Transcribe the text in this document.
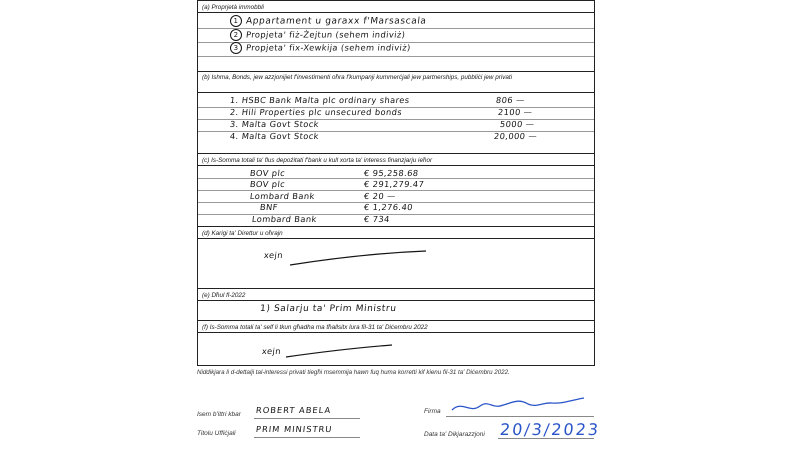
(a) Proprjetà immobbli
1 Appartament u garaxx f'Marsascala
2 Propjeta' fiż-Żejtun (sehem indiviż)
3 Propjeta' fix-Xewkija (sehem indiviż)
(b) Ishma, Bonds, jew azzjonijiet f'investimenti oħra f'kumpanji kummerċjali jew partnerships, pubbliċi jew privati
1. HSBC Bank Malta plc ordinary shares	806 —
2. Hili Properties plc unsecured bonds	2100 —
3. Malta Govt Stock	5000 —
4. Malta Govt Stock	20,000 —
(c) Is-Somma totali ta' flus depożitati f'bank u kull xorta ta' interess finanzjarju ieħor
BOV plc	€ 95,258.68
BOV plc	€ 291,279.47
Lombard Bank	€ 20 —
BNF	€ 1,276.40
Lombard Bank	€ 734
(d) Karigi ta' Direttur u oħrajn
xejn
(e) Dħul fl-2022
1) Salarju ta' Prim Ministru
(f) Is-Somma totali ta' self li tkun għadha ma tħallsitx lura fil-31 ta' Diċembru 2022
xejn
Niddikjara li d-dettalji tal-interessi privati tiegħi msemmija hawn fuq huma korretti kif kienu fil-31 ta' Diċembru 2022.
Isem b'ittri kbar ROBERT ABELA
Titolu Uffiċjali PRIM MINISTRU
Firma
Data ta' Dikjarazzjoni 20/3/2023
